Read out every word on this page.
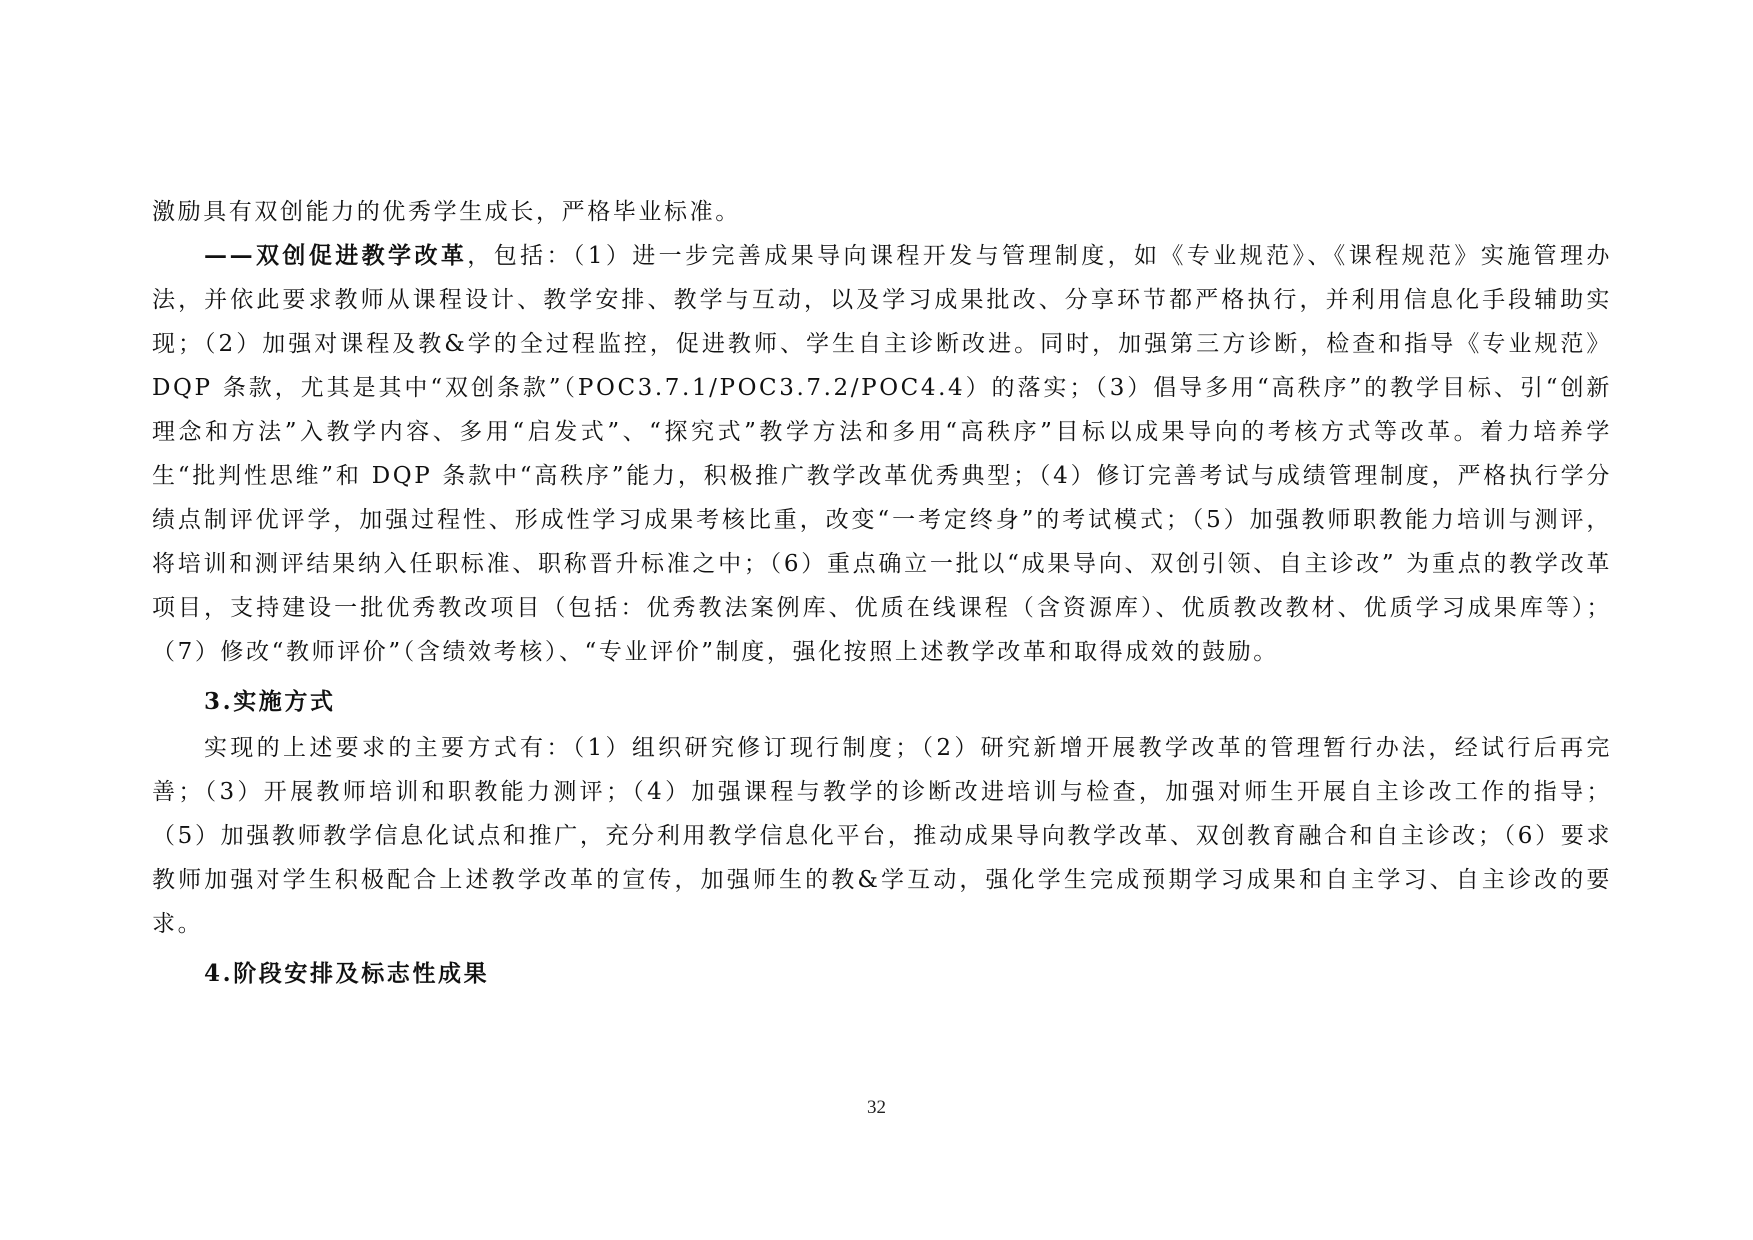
激励具有双创能力的优秀学生成长，严格毕业标准。

——双创促进教学改革，包括：（1）进一步完善成果导向课程开发与管理制度，如《专业规范》、《课程规范》实施管理办法，并依此要求教师从课程设计、教学安排、教学与互动，以及学习成果批改、分享环节都严格执行，并利用信息化手段辅助实现；（2）加强对课程及教&学的全过程监控，促进教师、学生自主诊断改进。同时，加强第三方诊断，检查和指导《专业规范》DQP 条款，尤其是其中“双创条款”（POC3.7.1/POC3.7.2/POC4.4）的落实；（3）倡导多用“高秩序”的教学目标、引“创新理念和方法”入教学内容、多用“启发式”、“探究式”教学方法和多用“高秩序”目标以成果导向的考核方式等改革。着力培养学生“批判性思维”和 DQP 条款中“高秩序”能力，积极推广教学改革优秀典型；（4）修订完善考试与成绩管理制度，严格执行学分绩点制评优评学，加强过程性、形成性学习成果考核比重，改变“一考定终身”的考试模式；（5）加强教师职教能力培训与测评，将培训和测评结果纳入任职标准、职称晋升标准之中；（6）重点确立一批以“成果导向、双创引领、自主诊改” 为重点的教学改革项目，支持建设一批优秀教改项目（包括：优秀教法案例库、优质在线课程（含资源库）、优质教改教材、优质学习成果库等）；（7）修改“教师评价”（含绩效考核）、“专业评价”制度，强化按照上述教学改革和取得成效的鼓励。

3.实施方式

实现的上述要求的主要方式有：（1）组织研究修订现行制度；（2）研究新增开展教学改革的管理暂行办法，经试行后再完善；（3）开展教师培训和职教能力测评；（4）加强课程与教学的诊断改进培训与检查，加强对师生开展自主诊改工作的指导；（5）加强教师教学信息化试点和推广，充分利用教学信息化平台，推动成果导向教学改革、双创教育融合和自主诊改；（6）要求教师加强对学生积极配合上述教学改革的宣传，加强师生的教&学互动，强化学生完成预期学习成果和自主学习、自主诊改的要求。

4.阶段安排及标志性成果

32
